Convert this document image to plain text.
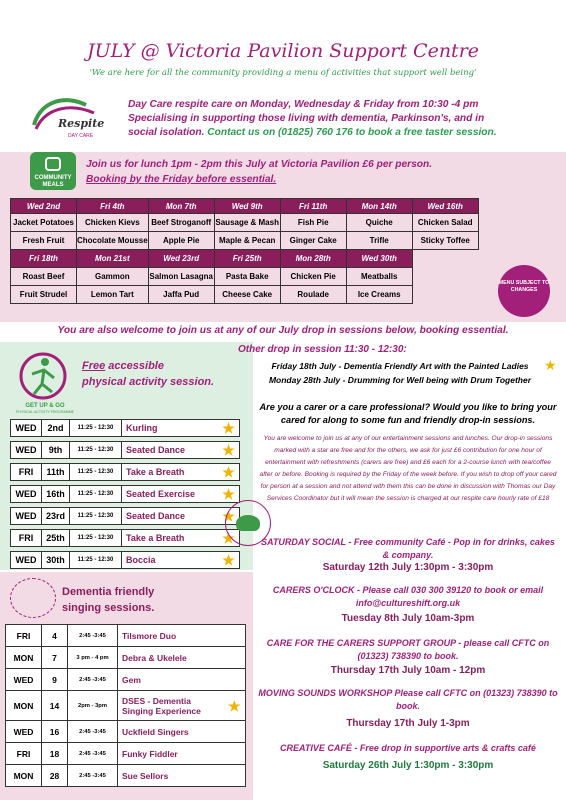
JULY @ Victoria Pavilion Support Centre
'We are here for all the community providing a menu of activities that support well being'
Respite
DAY CARE
Day Care respite care on Monday, Wednesday & Friday from 10:30 -4 pm
Specialising in supporting those living with dementia, Parkinson's, and in
social isolation. Contact us on (01825) 760 176 to book a free taster session.
COMMUNITY MEALS
Join us for lunch 1pm - 2pm this July at Victoria Pavilion £6 per person.
Booking by the Friday before essential.
Wed 2nd	Fri 4th	Mon 7th	Wed 9th	Fri 11th	Mon 14th	Wed 16th
Jacket Potatoes	Chicken Kievs	Beef Stroganoff	Sausage & Mash	Fish Pie	Quiche	Chicken Salad
Fresh Fruit	Chocolate Mousse	Apple Pie	Maple & Pecan	Ginger Cake	Trifle	Sticky Toffee
Fri 18th	Mon 21st	Wed 23rd	Fri 25th	Mon 28th	Wed 30th	
Roast Beef	Gammon	Salmon Lasagna	Pasta Bake	Chicken Pie	Meatballs	
Fruit Strudel	Lemon Tart	Jaffa Pud	Cheese Cake	Roulade	Ice Creams	
MENU SUBJECT TO CHANGES
You are also welcome to join us at any of our July drop in sessions below, booking essential.
GET UP & GO
PHYSICAL ACTIVITY PROGRAMME
Free accessible
physical activity session.
WED	2nd	11:25 - 12:30	Kurling	★
WED	9th	11:25 - 12:30	Seated Dance	★
FRI	11th	11:25 - 12:30	Take a Breath	★
WED	16th	11:25 - 12:30	Seated Exercise	★
WED	23rd	11:25 - 12:30	Seated Dance	★
FRI	25th	11:25 - 12:30	Take a Breath	★
WED	30th	11:25 - 12:30	Boccia	★
Dementia friendly
singing sessions.
FRI	4	2:45 -3:45	Tilsmore Duo	
MON	7	3 pm - 4 pm	Debra & Ukelele	
WED	9	2:45 -3:45	Gem	
MON	14	2pm - 3pm	DSES - Dementia Singing Experience	★
WED	16	2:45 -3:45	Uckfield Singers	
FRI	18	2:45 -3:45	Funky Fiddler	
MON	28	2:45 -3:45	Sue Sellors	
Other drop in session 11:30 - 12:30:
Friday 18th July - Dementia Friendly Art with the Painted Ladies
Monday 28th July - Drumming for Well being with Drum Together
★
Are you a carer or a care professional? Would you like to bring your cared for along to some fun and friendly drop-in sessions.
You are welcome to join us at any of our entertainment sessions and lunches. Our drop-in sessions marked with a star are free and for the others, we ask for just £6 contribution for one hour of entertainment with refreshments (carers are free) and £6 each for a 2-course lunch with tea/coffee after or before. Booking is required by the Friday of the week before. If you wish to drop off your cared for person at a session and not attend with them this can be done in discussion with Thomas our Day Services Coordinator but it will mean the session is charged at our respite care hourly rate of £18
SATURDAY SOCIAL - Free community Café - Pop in for drinks, cakes & company.
Saturday 12th July 1:30pm - 3:30pm
CARERS O'CLOCK - Please call 030 300 39120 to book or email info@cultureshift.org.uk
Tuesday 8th July 10am-3pm
CARE FOR THE CARERS SUPPORT GROUP - please call CFTC on (01323) 738390 to book.
Thursday 17th July 10am - 12pm
MOVING SOUNDS WORKSHOP Please call CFTC on (01323) 738390 to book.
Thursday 17th July 1-3pm
CREATIVE CAFÉ - Free drop in supportive arts & crafts café
Saturday 26th July 1:30pm - 3:30pm
